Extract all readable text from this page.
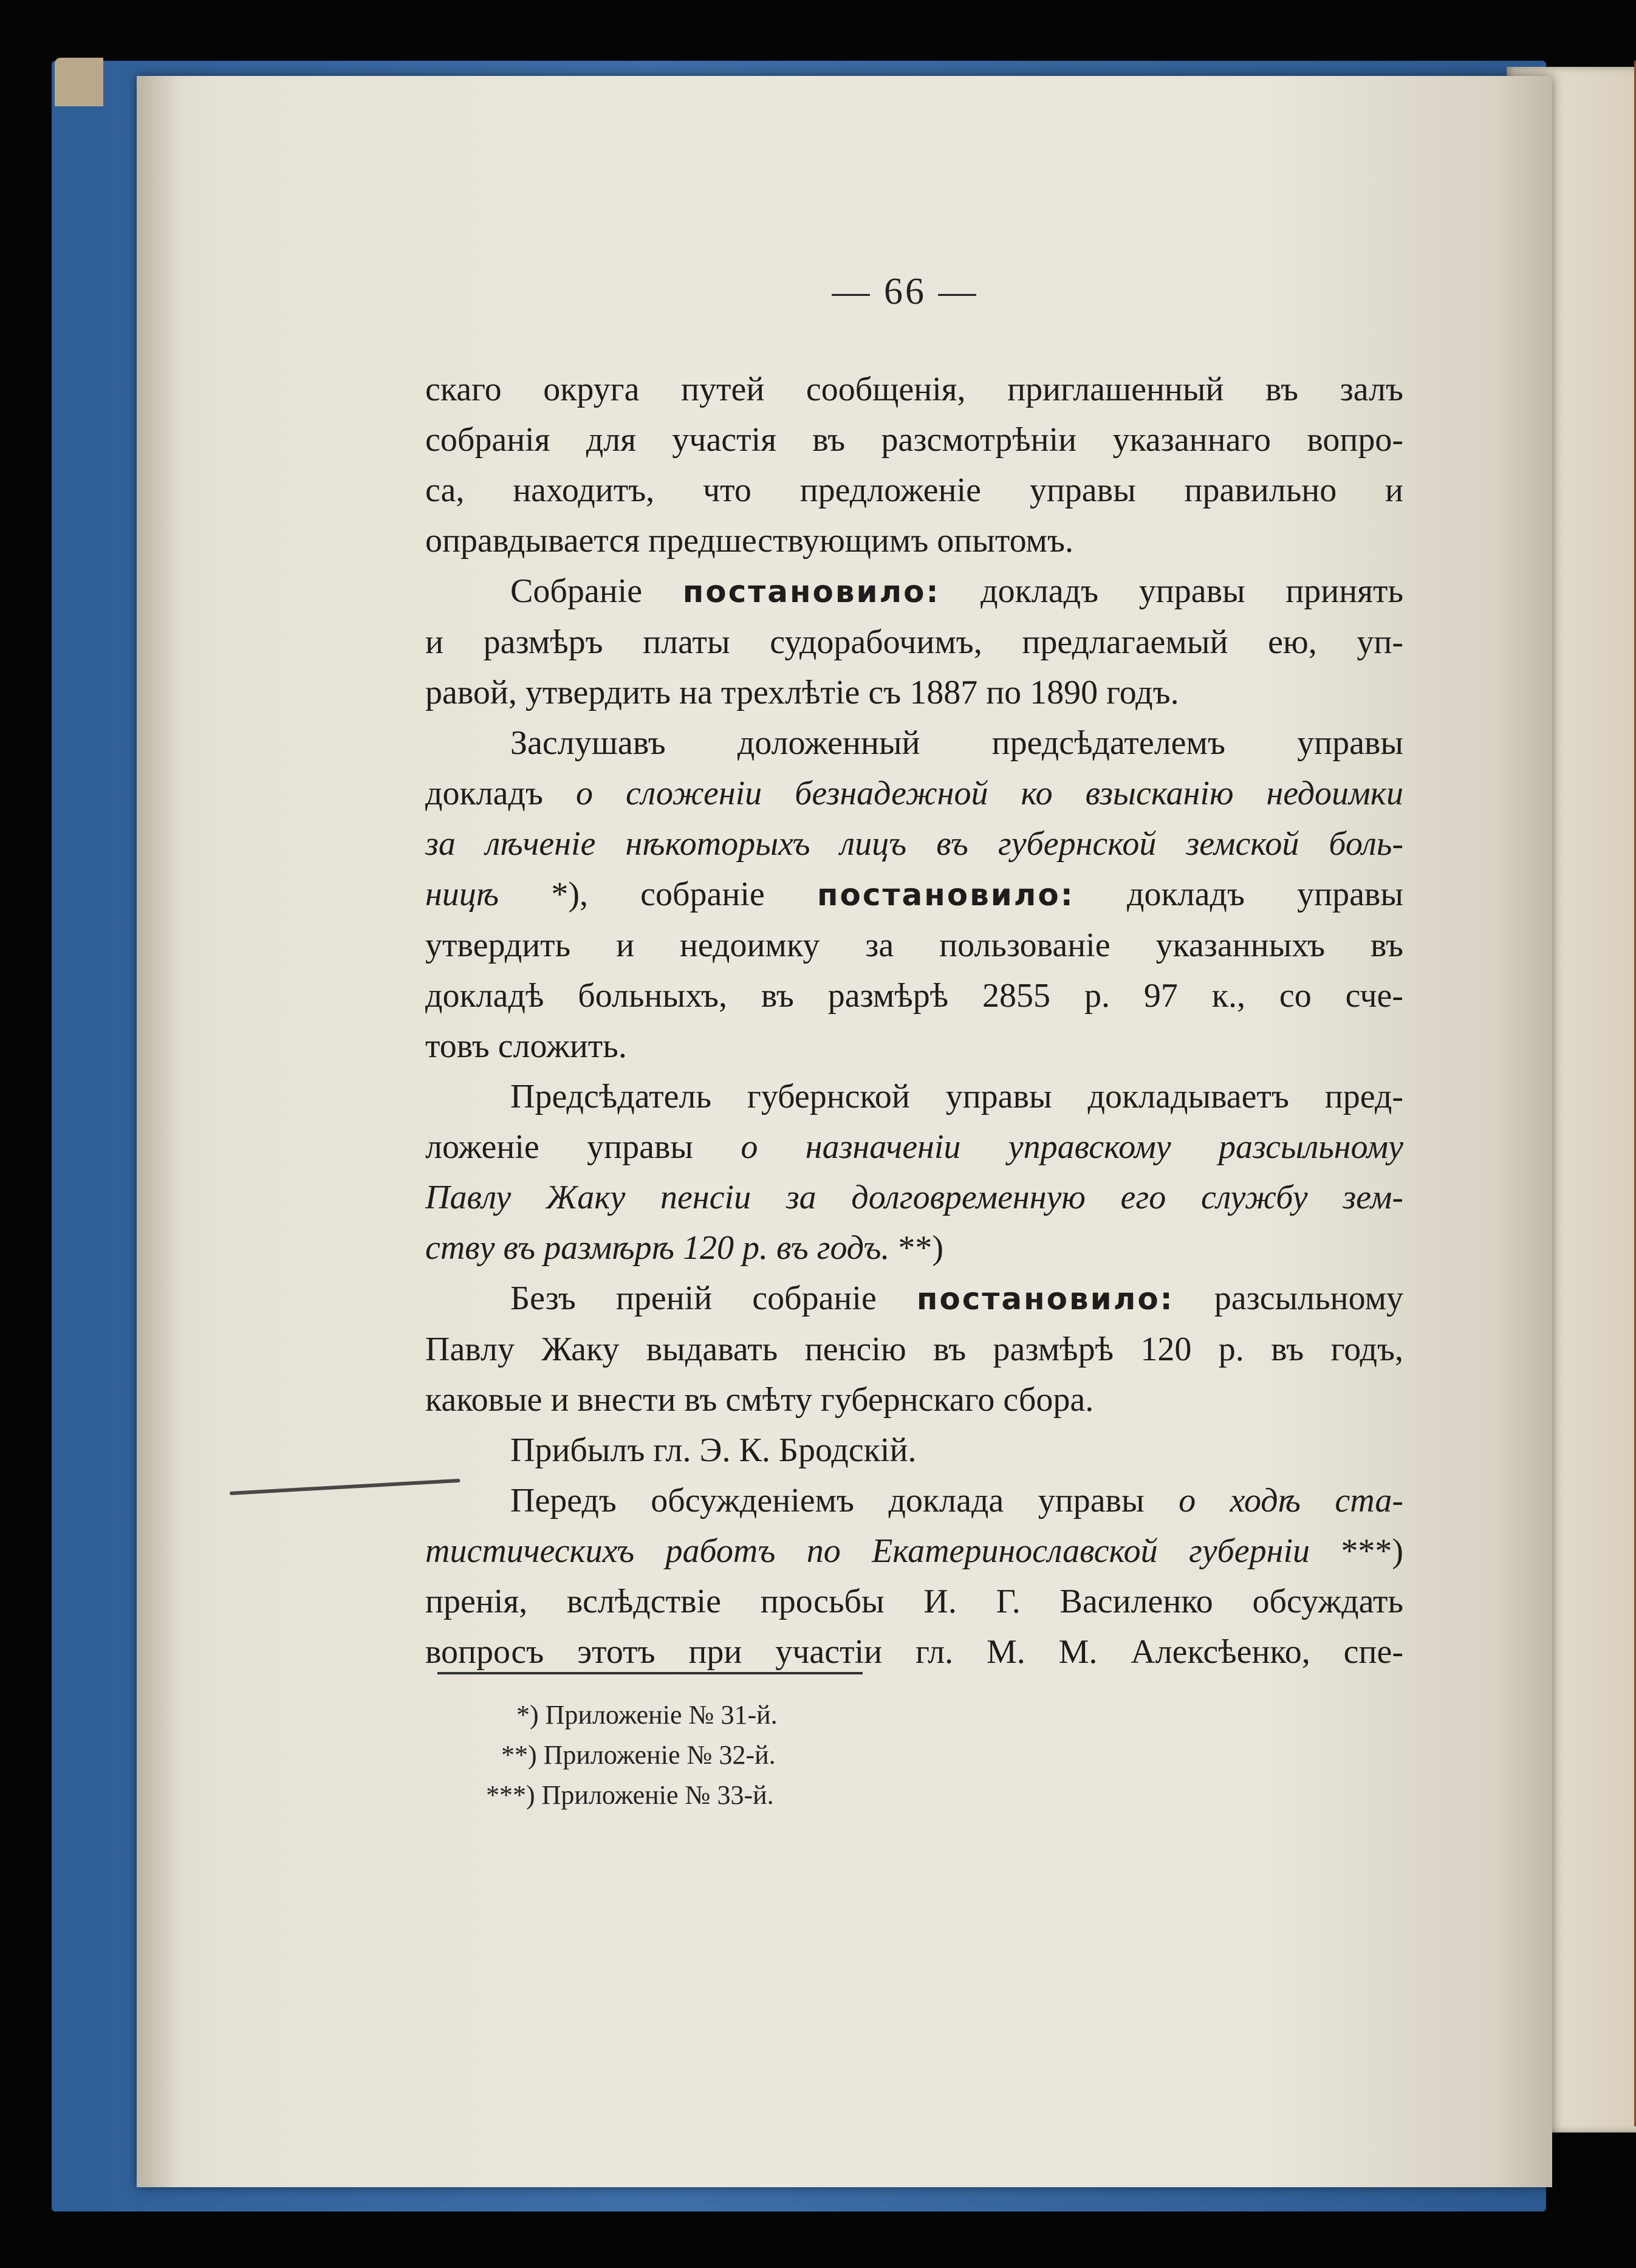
— 66 —
скаго округа путей сообщенія, приглашенный въ залъ
собранія для участія въ разсмотрѣніи указаннаго вопро-
са, находитъ, что предложеніе управы правильно и
оправдывается предшествующимъ опытомъ.
Собраніе постановило: докладъ управы принять
и размѣръ платы судорабочимъ, предлагаемый ею, уп-
равой, утвердить на трехлѣтіе съ 1887 по 1890 годъ.
Заслушавъ доложенный предсѣдателемъ управы
докладъ о сложеніи безнадежной ко взысканію недоимки
за лѣченіе нѣкоторыхъ лицъ въ губернской земской боль-
ницѣ *), собраніе постановило: докладъ управы
утвердить и недоимку за пользованіе указанныхъ въ
докладѣ больныхъ, въ размѣрѣ 2855 р. 97 к., со сче-
товъ сложить.
Предсѣдатель губернской управы докладываетъ пред-
ложеніе управы о назначеніи управскому разсыльному
Павлу Жаку пенсіи за долговременную его службу зем-
ству въ размѣрѣ 120 р. въ годъ. **)
Безъ преній собраніе постановило: разсыльному
Павлу Жаку выдавать пенсію въ размѣрѣ 120 р. въ годъ,
каковые и внести въ смѣту губернскаго сбора.
Прибылъ гл. Э. К. Бродскій.
Передъ обсужденіемъ доклада управы о ходѣ ста-
тистическихъ работъ по Екатеринославской губерніи ***)
пренія, вслѣдствіе просьбы И. Г. Василенко обсуждать
вопросъ этотъ при участіи гл. М. М. Алексѣенко, спе-
*) Приложеніе № 31-й.
**) Приложеніе № 32-й.
***) Приложеніе № 33-й.
